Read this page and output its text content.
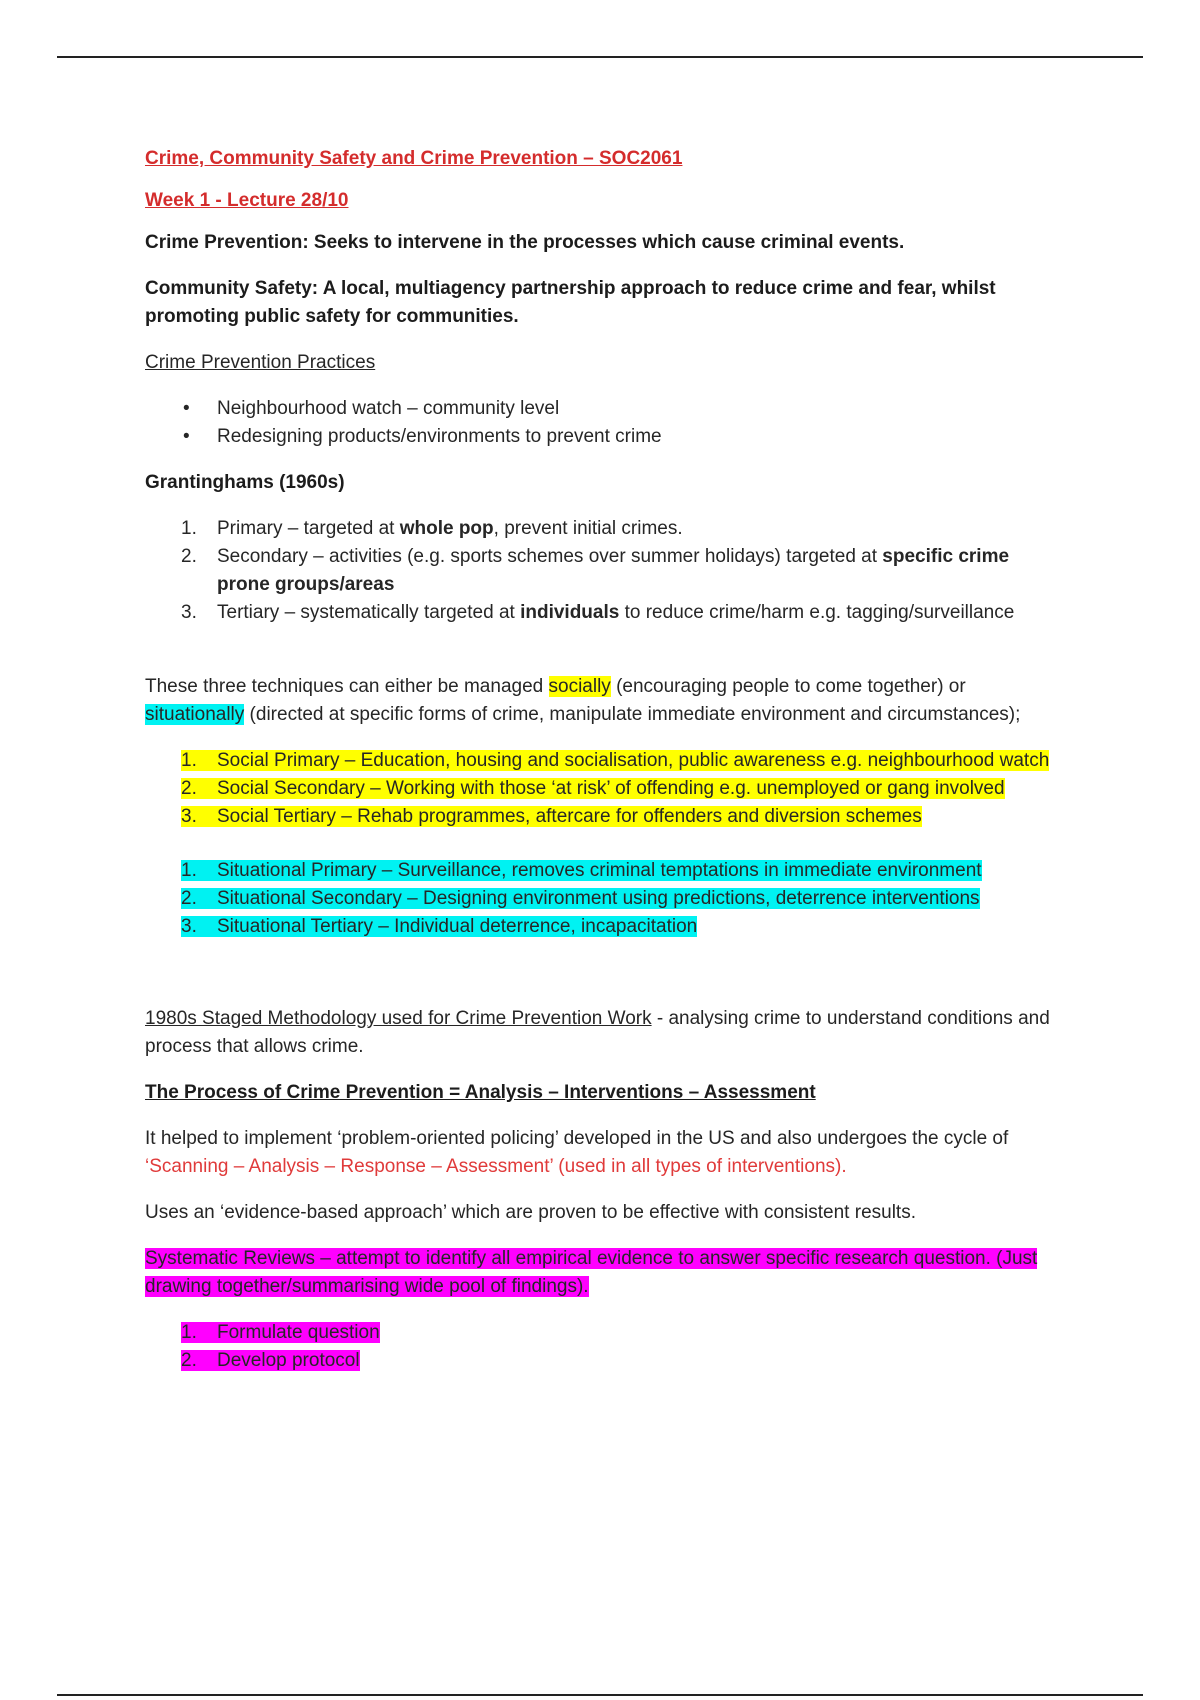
Crime, Community Safety and Crime Prevention – SOC2061

Week 1 - Lecture 28/10

Crime Prevention: Seeks to intervene in the processes which cause criminal events.

Community Safety: A local, multiagency partnership approach to reduce crime and fear, whilst promoting public safety for communities.

Crime Prevention Practices

• Neighbourhood watch – community level
• Redesigning products/environments to prevent crime

Grantinghams (1960s)

1. Primary – targeted at whole pop, prevent initial crimes.
2. Secondary – activities (e.g. sports schemes over summer holidays) targeted at specific crime prone groups/areas
3. Tertiary – systematically targeted at individuals to reduce crime/harm e.g. tagging/surveillance

These three techniques can either be managed socially (encouraging people to come together) or situationally (directed at specific forms of crime, manipulate immediate environment and circumstances);

1. Social Primary – Education, housing and socialisation, public awareness e.g. neighbourhood watch
2. Social Secondary – Working with those ‘at risk’ of offending e.g. unemployed or gang involved
3. Social Tertiary – Rehab programmes, aftercare for offenders and diversion schemes
1. Situational Primary – Surveillance, removes criminal temptations in immediate environment
2. Situational Secondary – Designing environment using predictions, deterrence interventions
3. Situational Tertiary – Individual deterrence, incapacitation

1980s Staged Methodology used for Crime Prevention Work - analysing crime to understand conditions and process that allows crime.

The Process of Crime Prevention = Analysis – Interventions – Assessment

It helped to implement ‘problem-oriented policing’ developed in the US and also undergoes the cycle of ‘Scanning – Analysis – Response – Assessment’ (used in all types of interventions).

Uses an ‘evidence-based approach’ which are proven to be effective with consistent results.

Systematic Reviews – attempt to identify all empirical evidence to answer specific research question. (Just drawing together/summarising wide pool of findings).

1. Formulate question
2. Develop protocol
